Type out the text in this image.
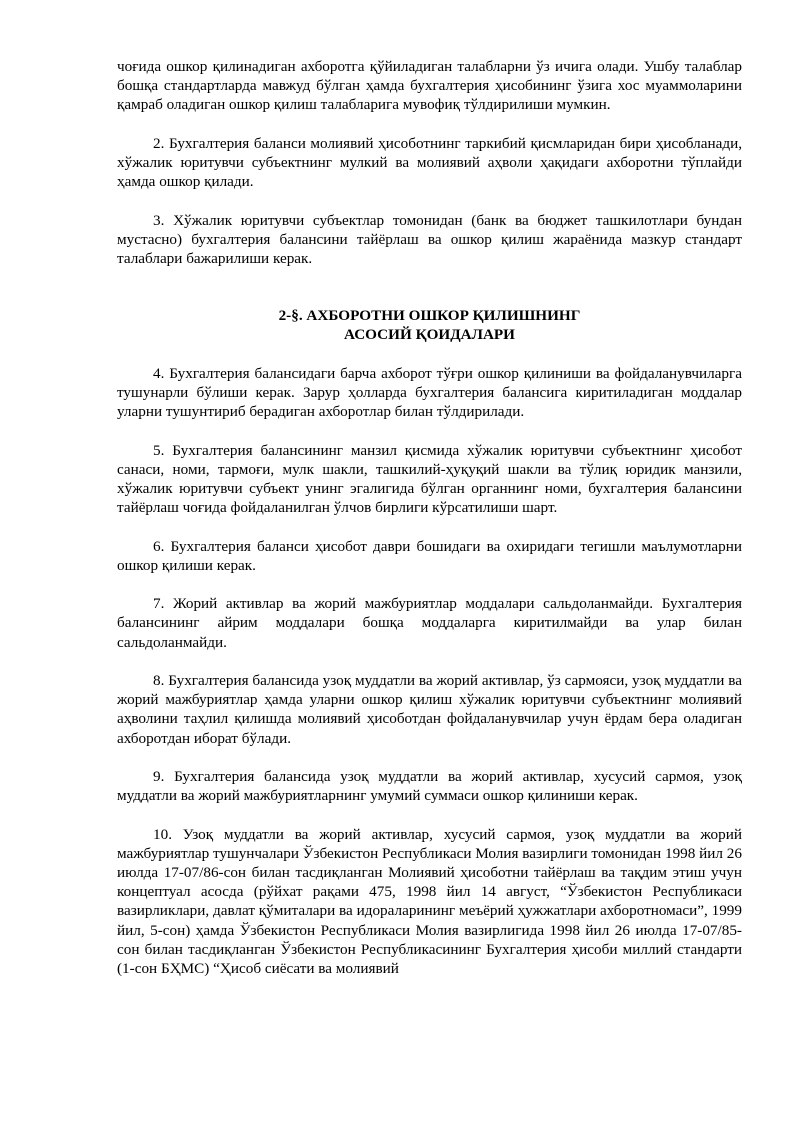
чоғида ошкор қилинадиган ахборотга қўйиладиган талабларни ўз ичига олади. Ушбу талаблар бошқа стандартларда мавжуд бўлган ҳамда бухгалтерия ҳисобининг ўзига хос муаммоларини қамраб оладиган ошкор қилиш талабларига мувофиқ тўлдирилиши мумкин.

2. Бухгалтерия баланси молиявий ҳисоботнинг таркибий қисмларидан бири ҳисобланади, хўжалик юритувчи субъектнинг мулкий ва молиявий аҳволи ҳақидаги ахборотни тўплайди ҳамда ошкор қилади.

3. Хўжалик юритувчи субъектлар томонидан (банк ва бюджет ташкилотлари бундан мустасно) бухгалтерия балансини тайёрлаш ва ошкор қилиш жараёнида мазкур стандарт талаблари бажарилиши керак.

2-§. АХБОРОТНИ ОШКОР ҚИЛИШНИНГ
АСОСИЙ ҚОИДАЛАРИ

4. Бухгалтерия балансидаги барча ахборот тўғри ошкор қилиниши ва фойдаланувчиларга тушунарли бўлиши керак. Зарур ҳолларда бухгалтерия балансига киритиладиган моддалар уларни тушунтириб берадиган ахборотлар билан тўлдирилади.

5. Бухгалтерия балансининг манзил қисмида хўжалик юритувчи субъектнинг ҳисобот санаси, номи, тармоғи, мулк шакли, ташкилий-ҳуқуқий шакли ва тўлиқ юридик манзили, хўжалик юритувчи субъект унинг эгалигида бўлган органнинг номи, бухгалтерия балансини тайёрлаш чоғида фойдаланилган ўлчов бирлиги кўрсатилиши шарт.

6. Бухгалтерия баланси ҳисобот даври бошидаги ва охиридаги тегишли маълумотларни ошкор қилиши керак.

7. Жорий активлар ва жорий мажбуриятлар моддалари сальдоланмайди. Бухгалтерия балансининг айрим моддалари бошқа моддаларга киритилмайди ва улар билан сальдоланмайди.

8. Бухгалтерия балансида узоқ муддатли ва жорий активлар, ўз сармояси, узоқ муддатли ва жорий мажбуриятлар ҳамда уларни ошкор қилиш хўжалик юритувчи субъектнинг молиявий аҳволини таҳлил қилишда молиявий ҳисоботдан фойдаланувчилар учун ёрдам бера оладиган ахборотдан иборат бўлади.

9. Бухгалтерия балансида узоқ муддатли ва жорий активлар, хусусий сармоя, узоқ муддатли ва жорий мажбуриятларнинг умумий суммаси ошкор қилиниши керак.

10. Узоқ муддатли ва жорий активлар, хусусий сармоя, узоқ муддатли ва жорий мажбуриятлар тушунчалари Ўзбекистон Республикаси Молия вазирлиги томонидан 1998 йил 26 июлда 17-07/86-сон билан тасдиқланган Молиявий ҳисоботни тайёрлаш ва тақдим этиш учун концептуал асосда (рўйхат рақами 475, 1998 йил 14 август, “Ўзбекистон Республикаси вазирликлари, давлат қўмиталари ва идораларининг меъёрий ҳужжатлари ахборотномаси”, 1999 йил, 5-сон) ҳамда Ўзбекистон Республикаси Молия вазирлигида 1998 йил 26 июлда 17-07/85-сон билан тасдиқланган Ўзбекистон Республикасининг Бухгалтерия ҳисоби миллий стандарти (1-сон БҲМС) “Ҳисоб сиёсати ва молиявий
